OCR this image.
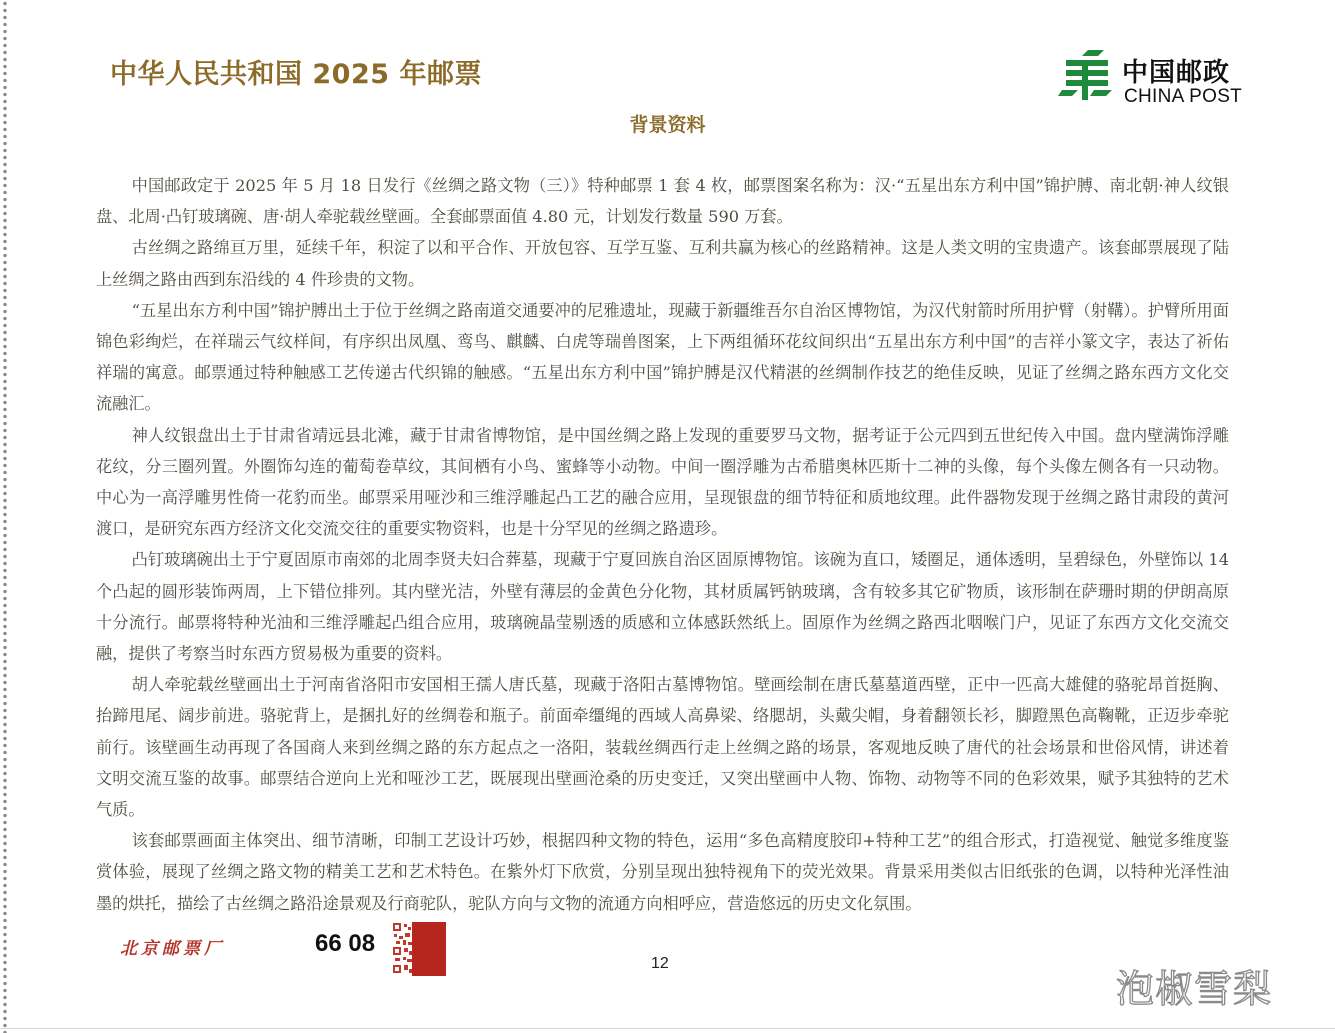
中华人民共和国 2025 年邮票	中国邮政
CHINA POST
背景资料

中国邮政定于 2025 年 5 月 18 日发行《丝绸之路文物（三）》特种邮票 1 套 4 枚，邮票图案名称为：汉·“五星出东方利中国”锦护膊、南北朝·神人纹银盘、北周·凸钉玻璃碗、唐·胡人牵驼载丝壁画。全套邮票面值 4.80 元，计划发行数量 590 万套。

古丝绸之路绵亘万里，延续千年，积淀了以和平合作、开放包容、互学互鉴、互利共赢为核心的丝路精神。这是人类文明的宝贵遗产。该套邮票展现了陆上丝绸之路由西到东沿线的 4 件珍贵的文物。

“五星出东方利中国”锦护膊出土于位于丝绸之路南道交通要冲的尼雅遗址，现藏于新疆维吾尔自治区博物馆，为汉代射箭时所用护臂（射鞲）。护臂所用面锦色彩绚烂，在祥瑞云气纹样间，有序织出凤凰、鸾鸟、麒麟、白虎等瑞兽图案，上下两组循环花纹间织出“五星出东方利中国”的吉祥小篆文字，表达了祈佑祥瑞的寓意。邮票通过特种触感工艺传递古代织锦的触感。“五星出东方利中国”锦护膊是汉代精湛的丝绸制作技艺的绝佳反映，见证了丝绸之路东西方文化交流融汇。

神人纹银盘出土于甘肃省靖远县北滩，藏于甘肃省博物馆，是中国丝绸之路上发现的重要罗马文物，据考证于公元四到五世纪传入中国。盘内壁满饰浮雕花纹，分三圈列置。外圈饰勾连的葡萄卷草纹，其间栖有小鸟、蜜蜂等小动物。中间一圈浮雕为古希腊奥林匹斯十二神的头像，每个头像左侧各有一只动物。中心为一高浮雕男性倚一花豹而坐。邮票采用哑沙和三维浮雕起凸工艺的融合应用，呈现银盘的细节特征和质地纹理。此件器物发现于丝绸之路甘肃段的黄河渡口，是研究东西方经济文化交流交往的重要实物资料，也是十分罕见的丝绸之路遗珍。

凸钉玻璃碗出土于宁夏固原市南郊的北周李贤夫妇合葬墓，现藏于宁夏回族自治区固原博物馆。该碗为直口，矮圈足，通体透明，呈碧绿色，外壁饰以 14 个凸起的圆形装饰两周，上下错位排列。其内壁光洁，外壁有薄层的金黄色分化物，其材质属钙钠玻璃，含有较多其它矿物质，该形制在萨珊时期的伊朗高原十分流行。邮票将特种光油和三维浮雕起凸组合应用，玻璃碗晶莹剔透的质感和立体感跃然纸上。固原作为丝绸之路西北咽喉门户，见证了东西方文化交流交融，提供了考察当时东西方贸易极为重要的资料。

胡人牵驼载丝壁画出土于河南省洛阳市安国相王孺人唐氏墓，现藏于洛阳古墓博物馆。壁画绘制在唐氏墓墓道西壁，正中一匹高大雄健的骆驼昂首挺胸、抬蹄甩尾、阔步前进。骆驼背上，是捆扎好的丝绸卷和瓶子。前面牵缰绳的西域人高鼻梁、络腮胡，头戴尖帽，身着翻领长衫，脚蹬黑色高鞠靴，正迈步牵驼前行。该壁画生动再现了各国商人来到丝绸之路的东方起点之一洛阳，装载丝绸西行走上丝绸之路的场景，客观地反映了唐代的社会场景和世俗风情，讲述着文明交流互鉴的故事。邮票结合逆向上光和哑沙工艺，既展现出壁画沧桑的历史变迁，又突出壁画中人物、饰物、动物等不同的色彩效果，赋予其独特的艺术气质。

该套邮票画面主体突出、细节清晰，印制工艺设计巧妙，根据四种文物的特色，运用“多色高精度胶印+特种工艺”的组合形式，打造视觉、触觉多维度鉴赏体验，展现了丝绸之路文物的精美工艺和艺术特色。在紫外灯下欣赏，分别呈现出独特视角下的荧光效果。背景采用类似古旧纸张的色调，以特种光泽性油墨的烘托，描绘了古丝绸之路沿途景观及行商驼队，驼队方向与文物的流通方向相呼应，营造悠远的历史文化氛围。

北京邮票厂	66 08
12
泡椒雪梨
